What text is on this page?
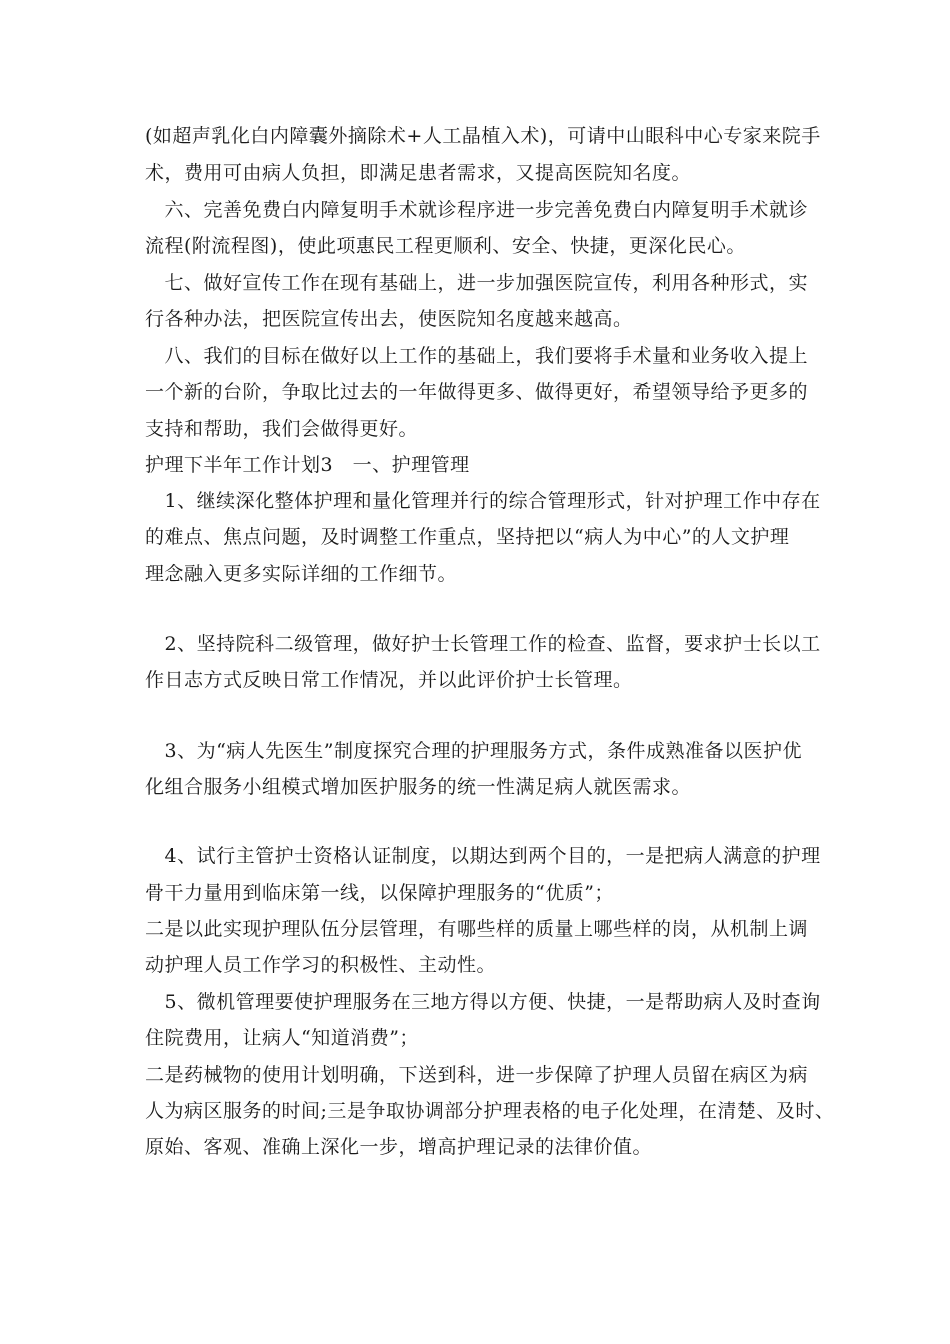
(如超声乳化白内障囊外摘除术+人工晶植入术)，可请中山眼科中心专家来院手
术，费用可由病人负担，即满足患者需求，又提高医院知名度。
　六、完善免费白内障复明手术就诊程序进一步完善免费白内障复明手术就诊
流程(附流程图)，使此项惠民工程更顺利、安全、快捷，更深化民心。
　七、做好宣传工作在现有基础上，进一步加强医院宣传，利用各种形式，实
行各种办法，把医院宣传出去，使医院知名度越来越高。
　八、我们的目标在做好以上工作的基础上，我们要将手术量和业务收入提上
一个新的台阶，争取比过去的一年做得更多、做得更好，希望领导给予更多的
支持和帮助，我们会做得更好。
护理下半年工作计划3　一、护理管理
　1、继续深化整体护理和量化管理并行的综合管理形式，针对护理工作中存在
的难点、焦点问题，及时调整工作重点，坚持把以“病人为中心”的人文护理
理念融入更多实际详细的工作细节。
　2、坚持院科二级管理，做好护士长管理工作的检查、监督，要求护士长以工
作日志方式反映日常工作情况，并以此评价护士长管理。
　3、为“病人先医生”制度探究合理的护理服务方式，条件成熟准备以医护优
化组合服务小组模式增加医护服务的统一性满足病人就医需求。
　4、试行主管护士资格认证制度，以期达到两个目的，一是把病人满意的护理
骨干力量用到临床第一线，以保障护理服务的“优质”；
二是以此实现护理队伍分层管理，有哪些样的质量上哪些样的岗，从机制上调
动护理人员工作学习的积极性、主动性。
　5、微机管理要使护理服务在三地方得以方便、快捷，一是帮助病人及时查询
住院费用，让病人“知道消费”；
二是药械物的使用计划明确，下送到科，进一步保障了护理人员留在病区为病
人为病区服务的时间;三是争取协调部分护理表格的电子化处理，在清楚、及时、
原始、客观、准确上深化一步，增高护理记录的法律价值。
